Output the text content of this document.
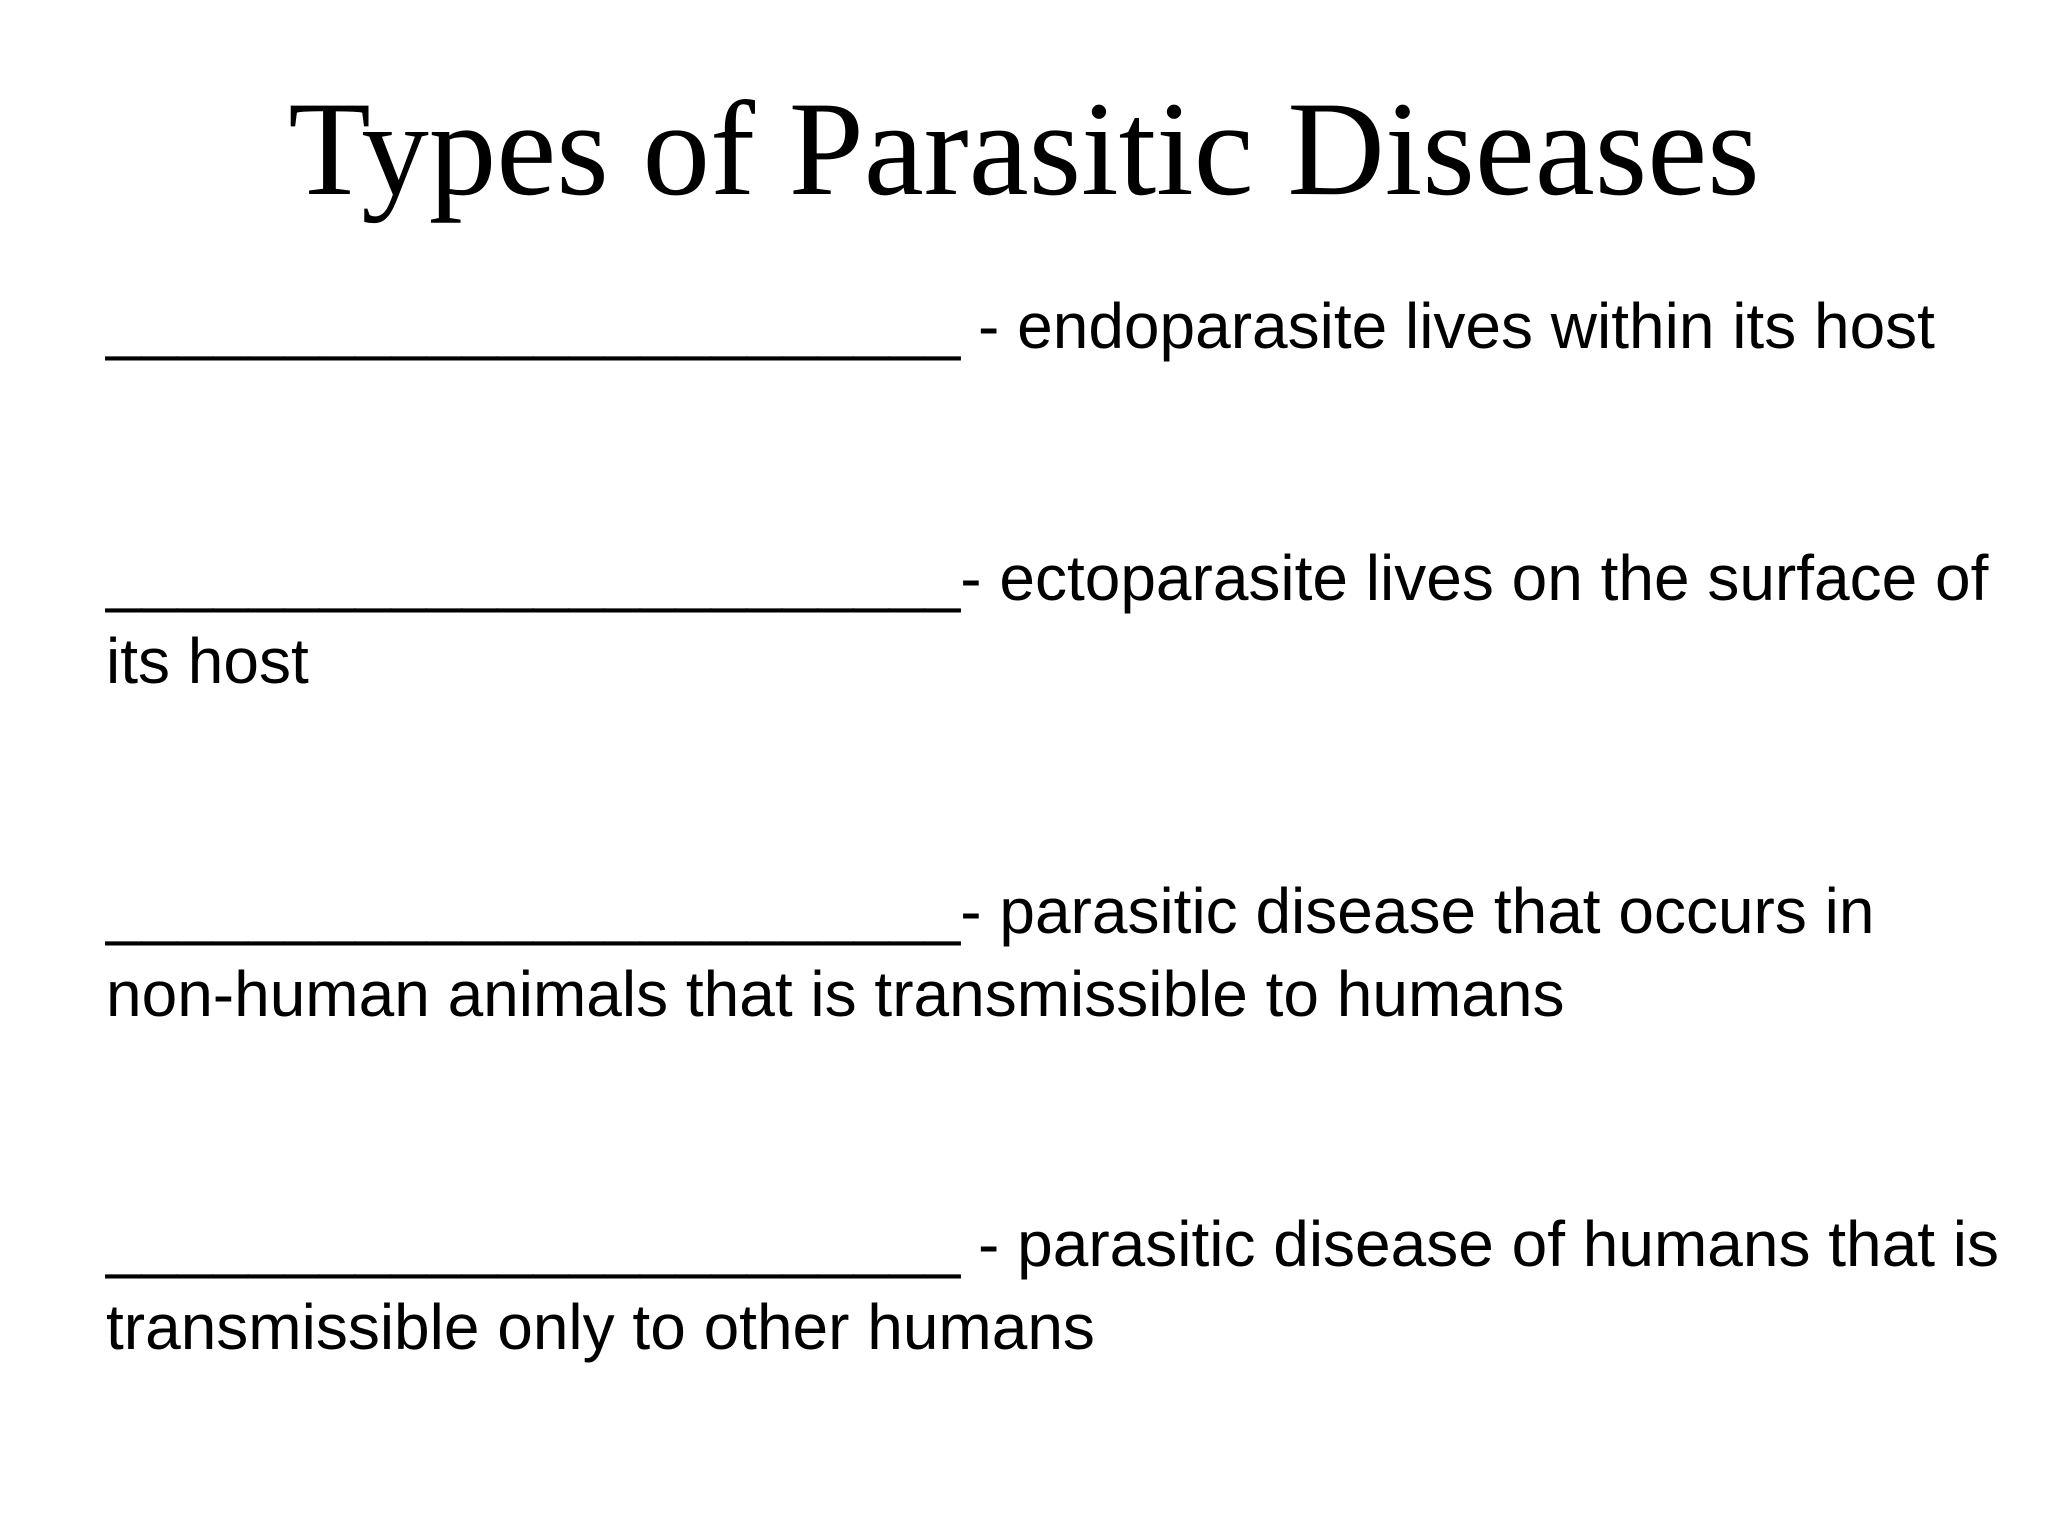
Types of Parasitic Diseases

________________________ - endoparasite lives within its host

________________________- ectoparasite lives on the surface of its host

________________________- parasitic disease that occurs in non-human animals that is transmissible to humans

________________________ - parasitic disease of humans that is transmissible only to other humans
